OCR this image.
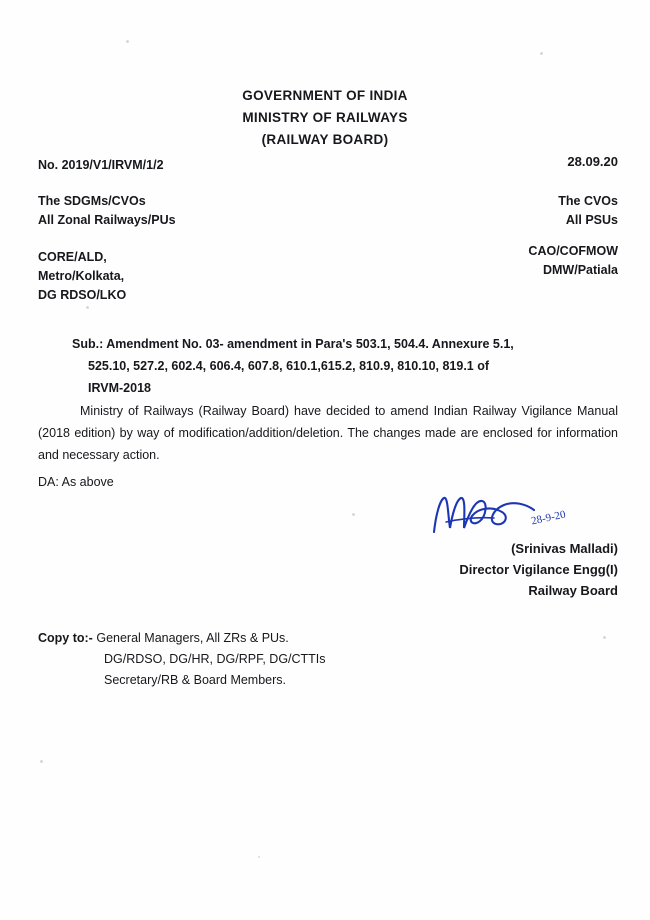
GOVERNMENT OF INDIA
MINISTRY OF RAILWAYS
(RAILWAY BOARD)
No. 2019/V1/IRVM/1/2	28.09.20
The SDGMs/CVOs
All Zonal Railways/PUs
The CVOs
All PSUs
CORE/ALD,
Metro/Kolkata,
DG RDSO/LKO
CAO/COFMOW
DMW/Patiala
Sub.: Amendment No. 03- amendment in Para's 503.1, 504.4. Annexure 5.1,
525.10, 527.2, 602.4, 606.4, 607.8, 610.1,615.2, 810.9, 810.10, 819.1 of
IRVM-2018
Ministry of Railways (Railway Board) have decided to amend Indian Railway Vigilance Manual (2018 edition) by way of modification/addition/deletion. The changes made are enclosed for information and necessary action.
DA: As above
28-9-20
(Srinivas Malladi)
Director Vigilance Engg(I)
Railway Board
Copy to:- General Managers, All ZRs & PUs.
DG/RDSO, DG/HR, DG/RPF, DG/CTTIs
Secretary/RB & Board Members.
